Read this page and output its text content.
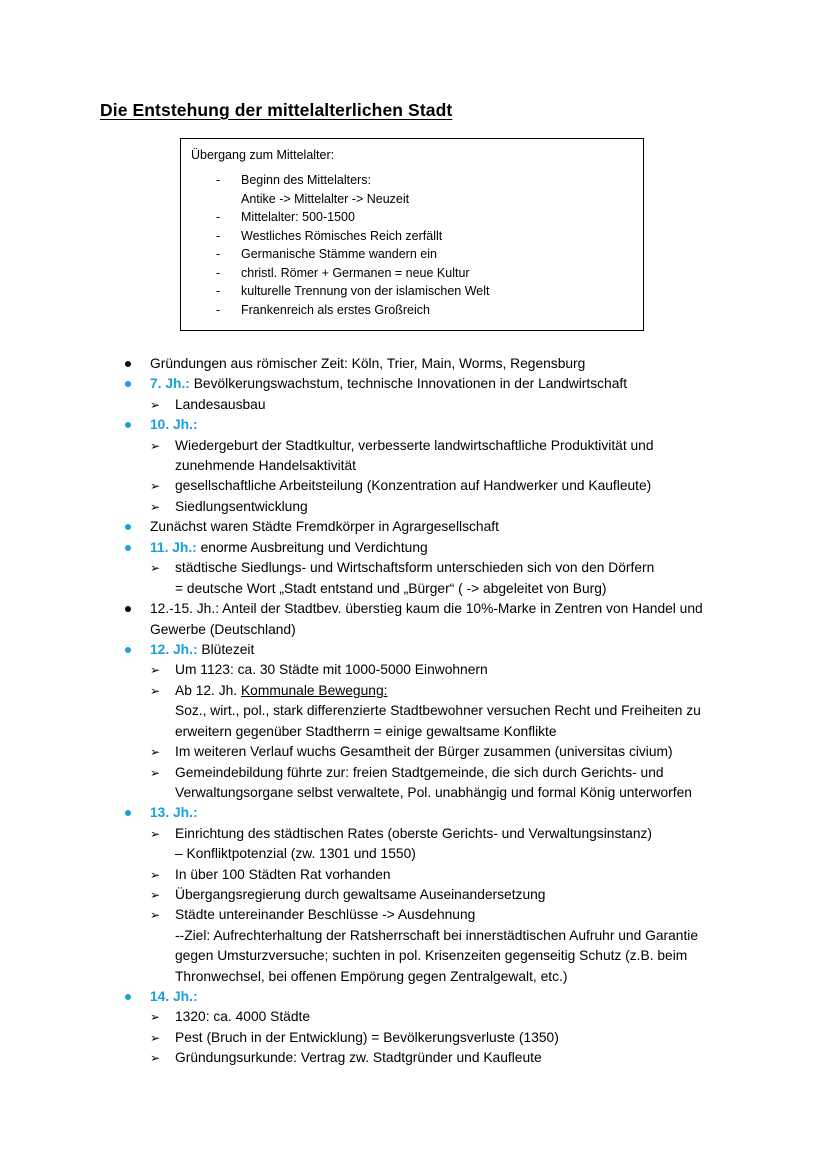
Die Entstehung der mittelalterlichen Stadt
Übergang zum Mittelalter:
- Beginn des Mittelalters:
Antike -> Mittelalter -> Neuzeit
- Mittelalter: 500-1500
- Westliches Römisches Reich zerfällt
- Germanische Stämme wandern ein
- christl. Römer + Germanen = neue Kultur
- kulturelle Trennung von der islamischen Welt
- Frankenreich als erstes Großreich
Gründungen aus römischer Zeit: Köln, Trier, Main, Worms, Regensburg
7. Jh.: Bevölkerungswachstum, technische Innovationen in der Landwirtschaft
➢ Landesausbau
10. Jh.:
➢ Wiedergeburt der Stadtkultur, verbesserte landwirtschaftliche Produktivität und
zunehmende Handelsaktivität
➢ gesellschaftliche Arbeitsteilung (Konzentration auf Handwerker und Kaufleute)
➢ Siedlungsentwicklung
Zunächst waren Städte Fremdkörper in Agrargesellschaft
11. Jh.: enorme Ausbreitung und Verdichtung
➢ städtische Siedlungs- und Wirtschaftsform unterschieden sich von den Dörfern
= deutsche Wort „Stadt entstand und „Bürger“ ( -> abgeleitet von Burg)
12.-15. Jh.: Anteil der Stadtbev. überstieg kaum die 10%-Marke in Zentren von Handel und
Gewerbe (Deutschland)
12. Jh.: Blütezeit
➢ Um 1123: ca. 30 Städte mit 1000-5000 Einwohnern
➢ Ab 12. Jh. Kommunale Bewegung:
Soz., wirt., pol., stark differenzierte Stadtbewohner versuchen Recht und Freiheiten zu
erweitern gegenüber Stadtherrn = einige gewaltsame Konflikte
➢ Im weiteren Verlauf wuchs Gesamtheit der Bürger zusammen (universitas civium)
➢ Gemeindebildung führte zur: freien Stadtgemeinde, die sich durch Gerichts- und
Verwaltungsorgane selbst verwaltete, Pol. unabhängig und formal König unterworfen
13. Jh.:
➢ Einrichtung des städtischen Rates (oberste Gerichts- und Verwaltungsinstanz)
– Konfliktpotenzial (zw. 1301 und 1550)
➢ In über 100 Städten Rat vorhanden
➢ Übergangsregierung durch gewaltsame Auseinandersetzung
➢ Städte untereinander Beschlüsse -> Ausdehnung
--Ziel: Aufrechterhaltung der Ratsherrschaft bei innerstädtischen Aufruhr und Garantie
gegen Umsturzversuche; suchten in pol. Krisenzeiten gegenseitig Schutz (z.B. beim
Thronwechsel, bei offenen Empörung gegen Zentralgewalt, etc.)
14. Jh.:
➢ 1320: ca. 4000 Städte
➢ Pest (Bruch in der Entwicklung) = Bevölkerungsverluste (1350)
➢ Gründungsurkunde: Vertrag zw. Stadtgründer und Kaufleute
